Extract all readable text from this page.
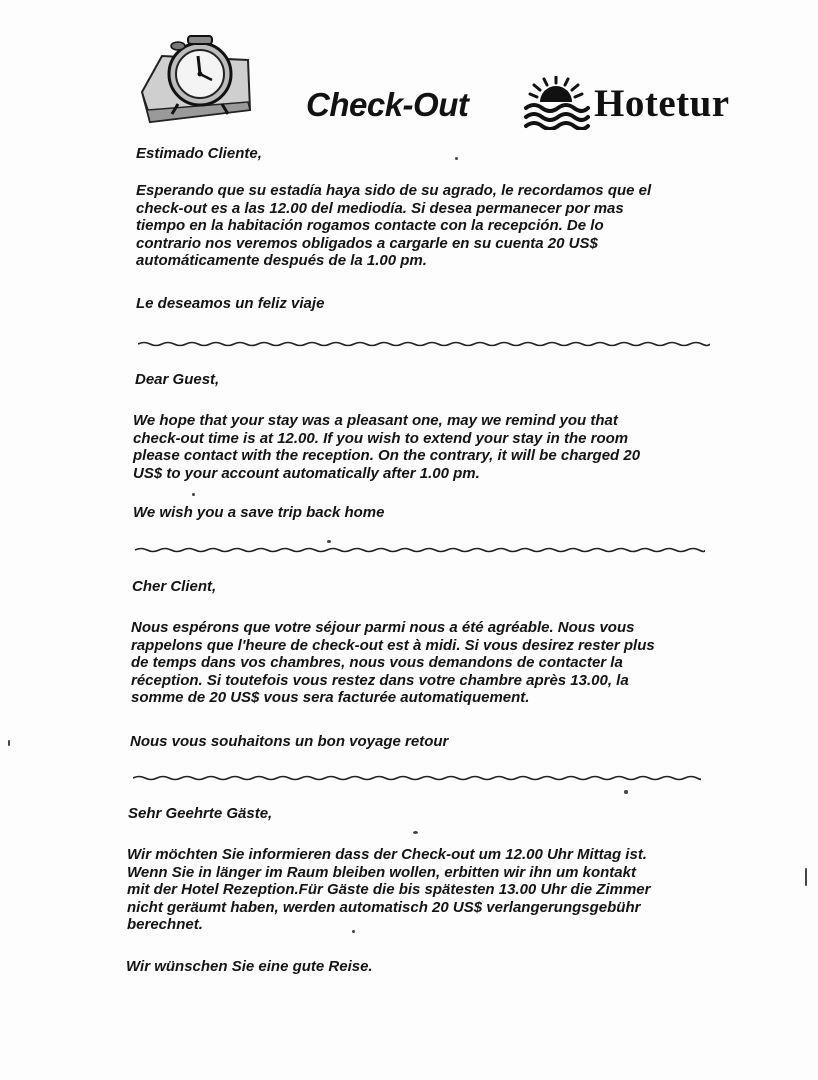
Check-Out	Hotetur
Estimado Cliente,
Esperando que su estadía haya sido de su agrado, le recordamos que el
check-out es a las 12.00 del mediodía. Si desea permanecer por mas
tiempo en la habitación rogamos contacte con la recepción. De lo
contrario nos veremos obligados a cargarle en su cuenta 20 US$
automáticamente después de la 1.00 pm.
Le deseamos un feliz viaje
Dear Guest,
We hope that your stay was a pleasant one, may we remind you that
check-out time is at 12.00. If you wish to extend your stay in the room
please contact with the reception. On the contrary, it will be charged 20
US$ to your account automatically after 1.00 pm.
We wish you a save trip back home
Cher Client,
Nous espérons que votre séjour parmi nous a été agréable. Nous vous
rappelons que l'heure de check-out est à midi. Si vous desirez rester plus
de temps dans vos chambres, nous vous demandons de contacter la
réception. Si toutefois vous restez dans votre chambre après 13.00, la
somme de 20 US$ vous sera facturée automatiquement.
Nous vous souhaitons un bon voyage retour
Sehr Geehrte Gäste,
Wir möchten Sie informieren dass der Check-out um 12.00 Uhr Mittag ist.
Wenn Sie in länger im Raum bleiben wollen, erbitten wir ihn um kontakt
mit der Hotel Rezeption.Für Gäste die bis spätesten 13.00 Uhr die Zimmer
nicht geräumt haben, werden automatisch 20 US$ verlangerungsgebühr
berechnet.
Wir wünschen Sie eine gute Reise.
